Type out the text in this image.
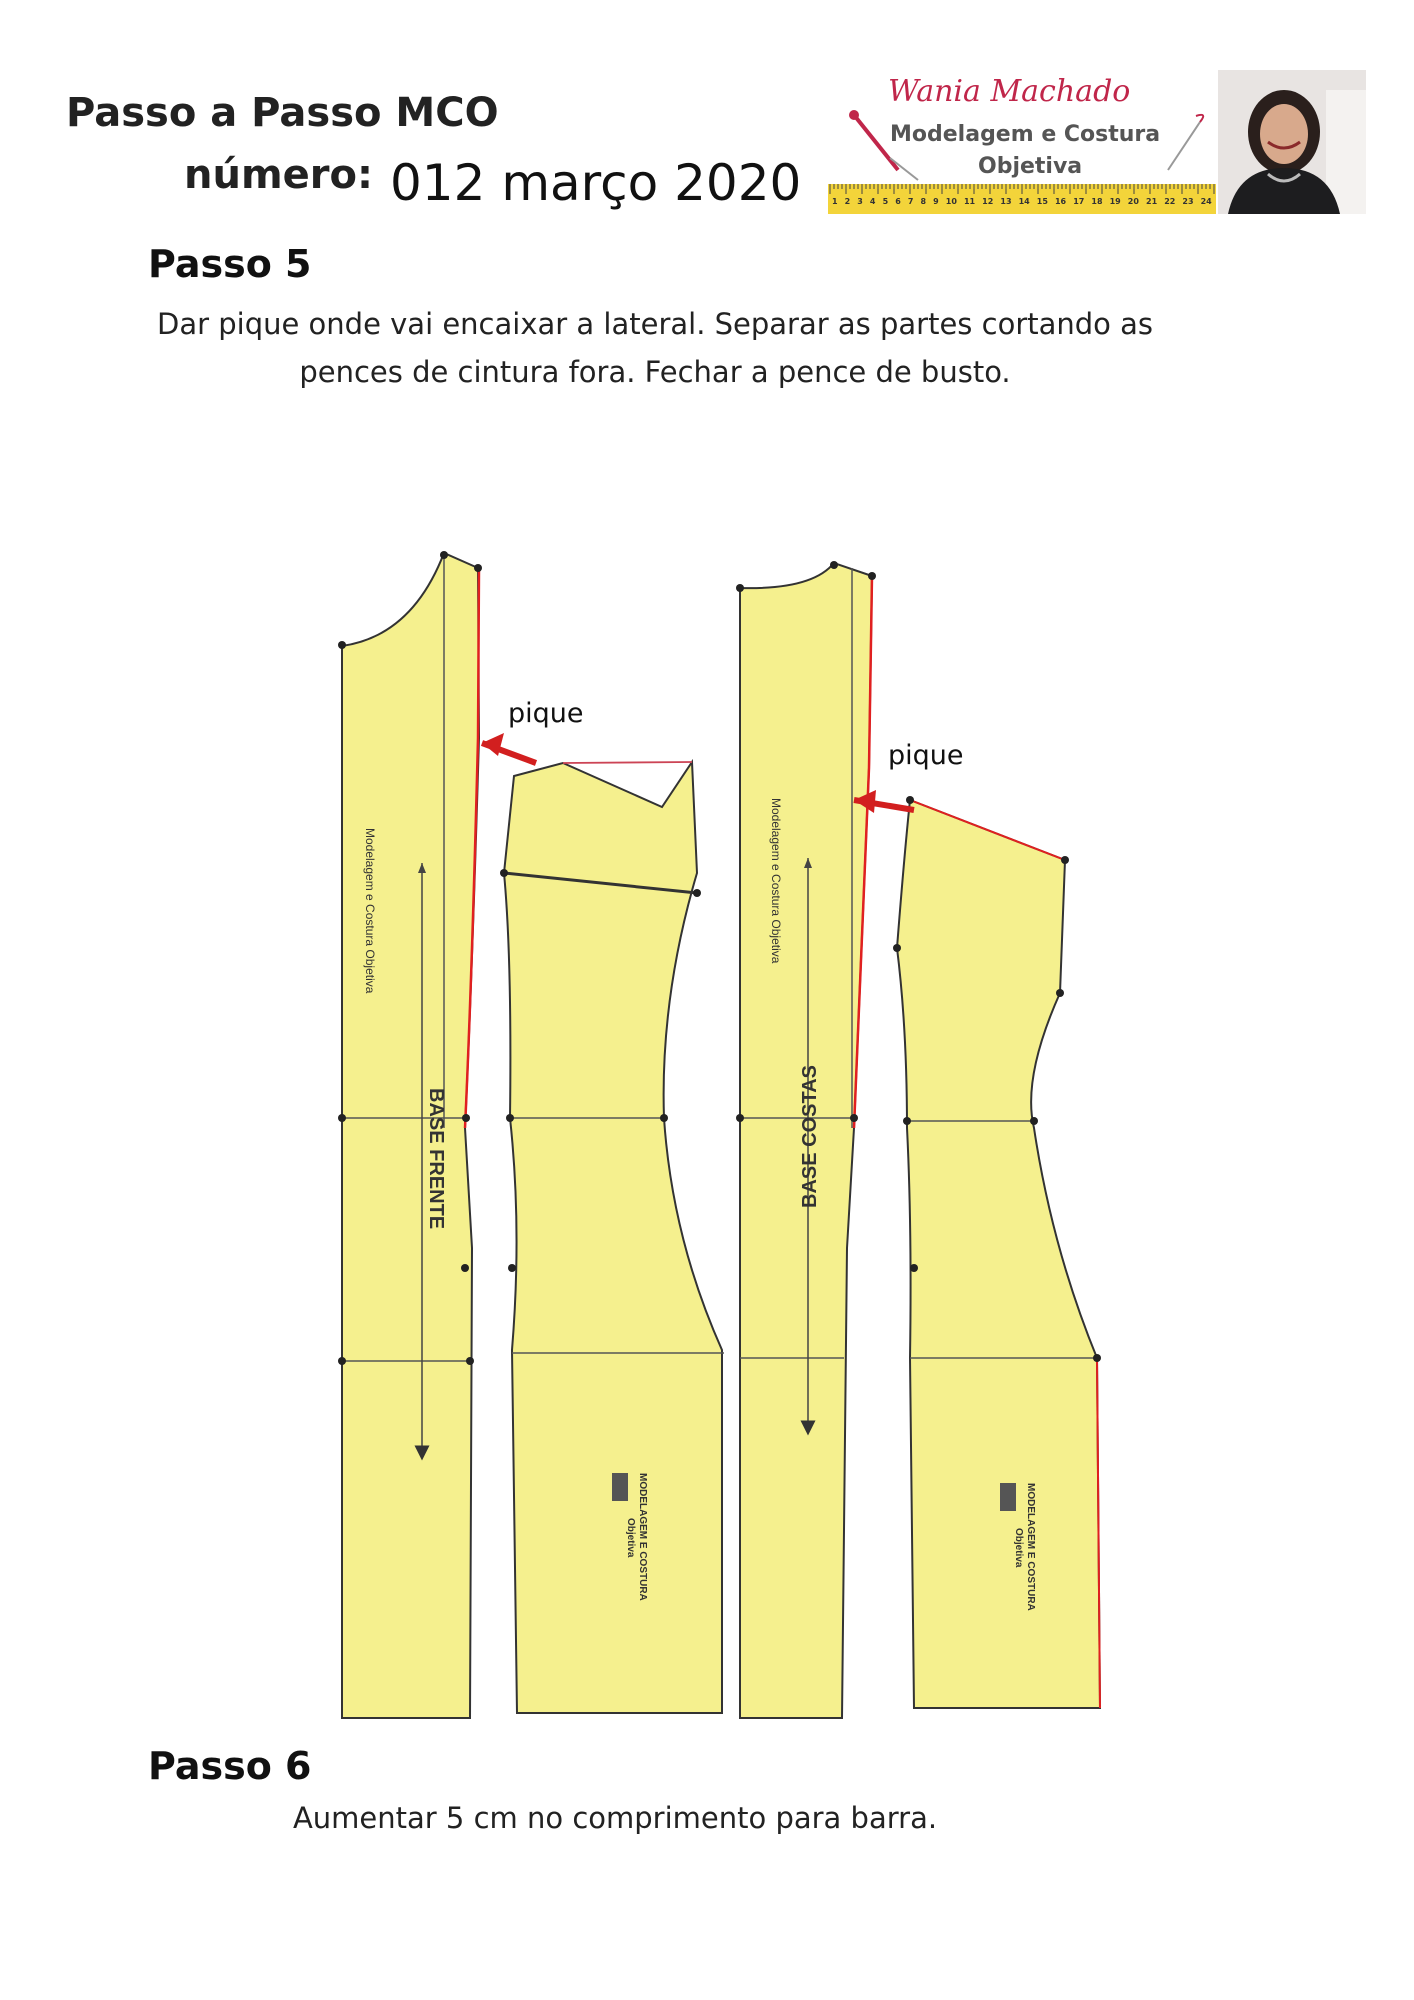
Passo a Passo MCO
número: 012 março 2020
Wania Machado
Modelagem e Costura
Objetiva
1 2 3 4 5 6 7 8 9 10 11 12 13 14 15 16 17 18 19 20 21 22 23 24
Passo 5
Dar pique onde vai encaixar a lateral. Separar as partes cortando as
pences de cintura fora. Fechar a pence de busto.
Modelagem e Costura Objetiva
BASE FRENTE
Modelagem e Costura Objetiva
BASE COSTAS
MODELAGEM E COSTURA
Objetiva	MODELAGEM E COSTURA
Objetiva
pique
pique
Passo 6
Aumentar 5 cm no comprimento para barra.
